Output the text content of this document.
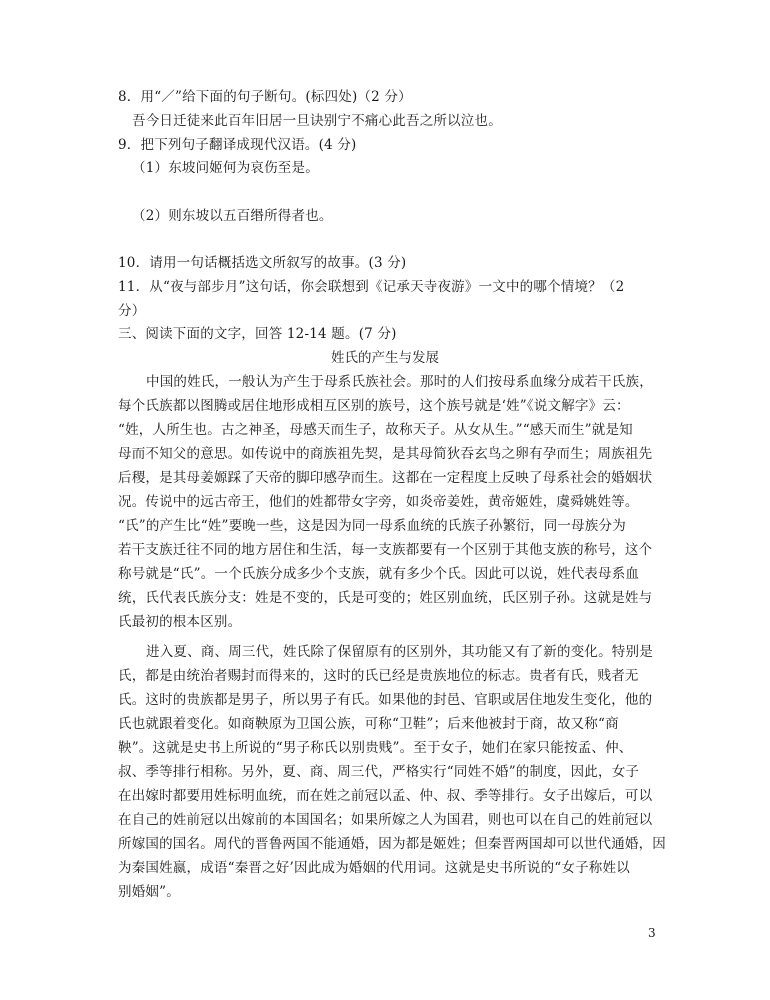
8．用“／”给下面的句子断句。(标四处)（2 分）
吾今日迁徒来此百年旧居一旦诀别宁不痛心此吾之所以泣也。
9．把下列句子翻译成现代汉语。(4 分)
（1）东坡问姬何为哀伤至是。
（2）则东坡以五百缗所得者也。
10．请用一句话概括选文所叙写的故事。(3 分)
11．从“夜与部步月”这句话，你会联想到《记承天寺夜游》一文中的哪个情境？（2
分）
三、阅读下面的文字，回答 12-14 题。(7 分)
姓氏的产生与发展
中国的姓氏，一般认为产生于母系氏族社会。那时的人们按母系血缘分成若干氏族，
每个氏族都以图腾或居住地形成相互区别的族号，这个族号就是‘姓”《说文解字》云：
“姓，人所生也。古之神圣，母感天而生子，故称天子。从女从生。”“感天而生”就是知
母而不知父的意思。如传说中的商族祖先契，是其母简狄吞玄鸟之卵有孕而生；周族祖先
后稷，是其母姜嫄踩了天帝的脚印感孕而生。这都在一定程度上反映了母系社会的婚姻状
况。传说中的远古帝王，他们的姓都带女字旁，如炎帝姜姓，黄帝姬姓，虞舜姚姓等。
“氏”的产生比“姓”要晚一些，这是因为同一母系血统的氏族子孙繁衍，同一母族分为
若干支族迁往不同的地方居住和生活，每一支族都要有一个区别于其他支族的称号，这个
称号就是“氏”。一个氏族分成多少个支族，就有多少个氏。因此可以说，姓代表母系血
统，氏代表氏族分支：姓是不变的，氏是可变的；姓区别血统，氏区别子孙。这就是姓与
氏最初的根本区别。
进入夏、商、周三代，姓氏除了保留原有的区别外，其功能又有了新的变化。特别是
氏，都是由统治者赐封而得来的，这时的氏已经是贵族地位的标志。贵者有氏，贱者无
氏。这时的贵族都是男子，所以男子有氏。如果他的封邑、官职或居住地发生变化，他的
氏也就跟着变化。如商鞅原为卫国公族，可称“卫鞋”；后来他被封于商，故又称“商
鞅”。这就是史书上所说的“男子称氏以别贵贱”。至于女子，她们在家只能按孟、仲、
叔、季等排行相称。另外，夏、商、周三代，严格实行“同姓不婚”的制度，因此，女子
在出嫁时都要用姓标明血统，而在姓之前冠以孟、仲、叔、季等排行。女子出嫁后，可以
在自己的姓前冠以出嫁前的本国国名；如果所嫁之人为国君，则也可以在自己的姓前冠以
所嫁国的国名。周代的晋鲁两国不能通婚，因为都是姬姓；但秦晋两国却可以世代通婚，因
为秦国姓嬴，成语“秦晋之好’因此成为婚姻的代用词。这就是史书所说的“女子称姓以
别婚姻”。
3
